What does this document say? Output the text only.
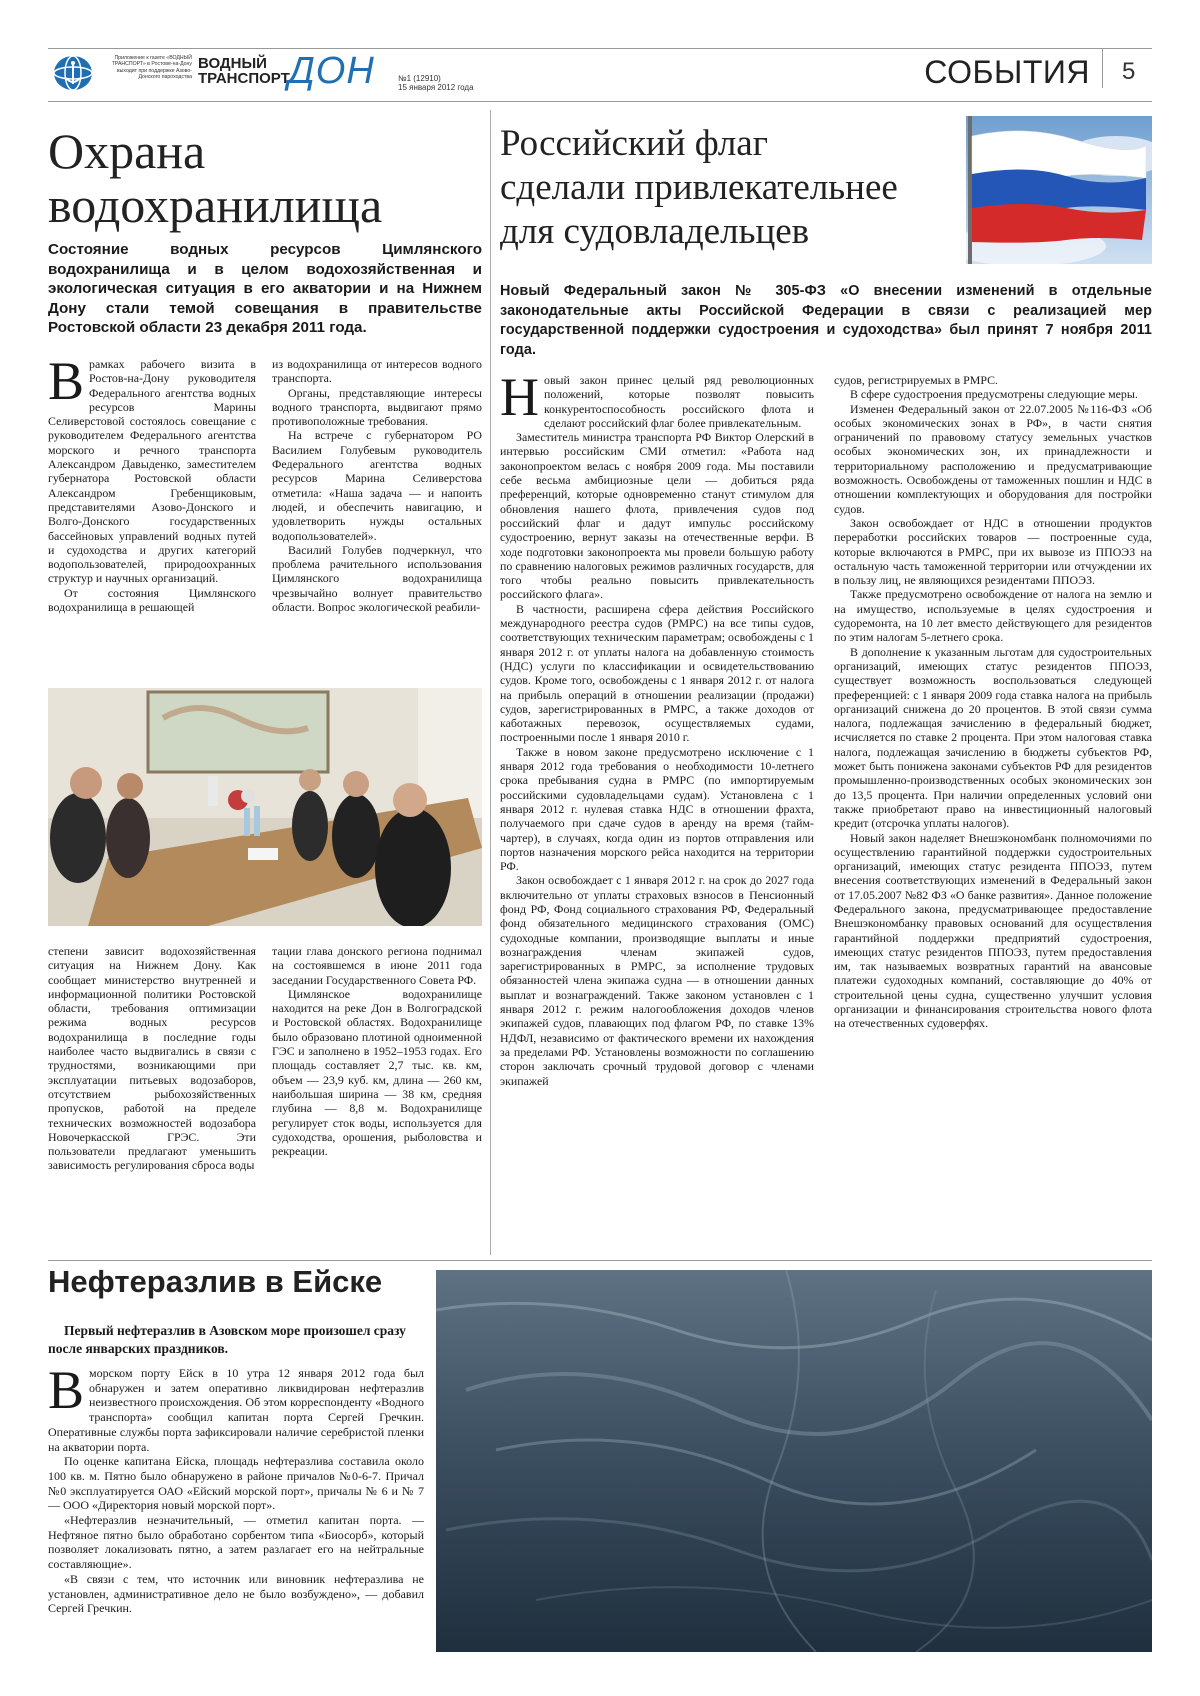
Приложение к газете «ВОДНЫЙ ТРАНСПОРТ» в Ростове-на-Дону выходит при поддержке Азово-Донского пароходства
ВОДНЫЙ
ТРАНСПОРТ
ДОН	№1 (12910)
15 января 2012 года	СОБЫТИЯ 5
Охрана
водохранилища
Состояние водных ресурсов Цимлянского водохранилища и в целом водохозяйственная и экологическая ситуация в его акватории и на Нижнем Дону стали темой совещания в правительстве Ростовской области 23 декабря 2011 года.

Врамках рабочего визита в Ростов-на-Дону руководителя Федерального агентства водных ресурсов Марины Селиверстовой состоялось совещание с руководителем Федерального агентства морского и речного транспорта Александром Давыденко, заместителем губернатора Ростовской области Александром Гребенщиковым, представителями Азово-Донского и Волго-Донского государственных бассейновых управлений водных путей и судоходства и других категорий водопользователей, природоохранных структур и научных организаций.

От состояния Цимлянского водохранилища в решающей

из водохранилища от интересов водного транспорта.

Органы, представляющие интересы водного транспорта, выдвигают прямо противоположные требования.

На встрече с губернатором РО Василием Голубевым руководитель Федерального агентства водных ресурсов Марина Селиверстова отметила: «Наша задача — и напоить людей, и обеспечить навигацию, и удовлетворить нужды остальных водопользователей».

Василий Голубев подчеркнул, что проблема рачительного использования Цимлянского водохранилища чрезвычайно волнует правительство области. Вопрос экологической реабили-

степени зависит водохозяйственная ситуация на Нижнем Дону. Как сообщает министерство внутренней и информационной политики Ростовской области, требования оптимизации режима водных ресурсов водохранилища в последние годы наиболее часто выдвигались в связи с трудностями, возникающими при эксплуатации питьевых водозаборов, отсутствием рыбохозяйственных пропусков, работой на пределе технических возможностей водозабора Новочеркасской ГРЭС. Эти пользователи предлагают уменьшить зависимость регулирования сброса воды

тации глава донского региона поднимал на состоявшемся в июне 2011 года заседании Государственного Совета РФ.

Цимлянское водохранилище находится на реке Дон в Волгоградской и Ростовской областях. Водохранилище было образовано плотиной одноименной ГЭС и заполнено в 1952–1953 годах. Его площадь составляет 2,7 тыс. кв. км, объем — 23,9 куб. км, длина — 260 км, наибольшая ширина — 38 км, средняя глубина — 8,8 м. Водохранилище регулирует сток воды, используется для судоходства, орошения, рыболовства и рекреации.

Российский флаг
сделали привлекательнее
для судовладельцев
Новый Федеральный закон № 305-ФЗ «О внесении изменений в отдельные законодательные акты Российской Федерации в связи с реализацией мер государственной поддержки судостроения и судоходства» был принят 7 ноября 2011 года.

Новый закон принес целый ряд революционных положений, которые позволят повысить конкурентоспособность российского флота и сделают российский флаг более привлекательным.

Заместитель министра транспорта РФ Виктор Олерский в интервью российским СМИ отметил: «Работа над законопроектом велась с ноября 2009 года. Мы поставили себе весьма амбициозные цели — добиться ряда преференций, которые одновременно станут стимулом для обновления нашего флота, привлечения судов под российский флаг и дадут импульс российскому судостроению, вернут заказы на отечественные верфи. В ходе подготовки законопроекта мы провели большую работу по сравнению налоговых режимов различных государств, для того чтобы реально повысить привлекательность российского флага».

В частности, расширена сфера действия Российского международного реестра судов (РМРС) на все типы судов, соответствующих техническим параметрам; освобождены с 1 января 2012 г. от уплаты налога на добавленную стоимость (НДС) услуги по классификации и освидетельствованию судов. Кроме того, освобождены с 1 января 2012 г. от налога на прибыль операций в отношении реализации (продажи) судов, зарегистрированных в РМРС, а также доходов от каботажных перевозок, осуществляемых судами, построенными после 1 января 2010 г.

Также в новом законе предусмотрено исключение с 1 января 2012 года требования о необходимости 10-летнего срока пребывания судна в РМРС (по импортируемым российскими судовладельцами судам). Установлена с 1 января 2012 г. нулевая ставка НДС в отношении фрахта, получаемого при сдаче судов в аренду на время (тайм-чартер), в случаях, когда один из портов отправления или портов назначения морского рейса находится на территории РФ.

Закон освобождает с 1 января 2012 г. на срок до 2027 года включительно от уплаты страховых взносов в Пенсионный фонд РФ, Фонд социального страхования РФ, Федеральный фонд обязательного медицинского страхования (ОМС) судоходные компании, производящие выплаты и иные вознаграждения членам экипажей судов, зарегистрированных в РМРС, за исполнение трудовых обязанностей члена экипажа судна — в отношении данных выплат и вознаграждений. Также законом установлен с 1 января 2012 г. режим налогообложения доходов членов экипажей судов, плавающих под флагом РФ, по ставке 13% НДФЛ, независимо от фактического времени их нахождения за пределами РФ. Установлены возможности по соглашению сторон заключать срочный трудовой договор с членами экипажей

судов, регистрируемых в РМРС.

В сфере судостроения предусмотрены следующие меры.

Изменен Федеральный закон от 22.07.2005 №116-ФЗ «Об особых экономических зонах в РФ», в части снятия ограничений по правовому статусу земельных участков особых экономических зон, их принадлежности и территориальному расположению и предусматривающие возможность. Освобождены от таможенных пошлин и НДС в отношении комплектующих и оборудования для постройки судов.

Закон освобождает от НДС в отношении продуктов переработки российских товаров — построенные суда, которые включаются в РМРС, при их вывозе из ППОЭЗ на остальную часть таможенной территории или отчуждении их в пользу лиц, не являющихся резидентами ППОЭЗ.

Также предусмотрено освобождение от налога на землю и на имущество, используемые в целях судостроения и судоремонта, на 10 лет вместо действующего для резидентов по этим налогам 5-летнего срока.

В дополнение к указанным льготам для судостроительных организаций, имеющих статус резидентов ППОЭЗ, существует возможность воспользоваться следующей преференцией: с 1 января 2009 года ставка налога на прибыль организаций снижена до 20 процентов. В этой связи сумма налога, подлежащая зачислению в федеральный бюджет, исчисляется по ставке 2 процента. При этом налоговая ставка налога, подлежащая зачислению в бюджеты субъектов РФ, может быть понижена законами субъектов РФ для резидентов промышленно-производственных особых экономических зон до 13,5 процента. При наличии определенных условий они также приобретают право на инвестиционный налоговый кредит (отсрочка уплаты налогов).

Новый закон наделяет Внешэкономбанк полномочиями по осуществлению гарантийной поддержки судостроительных организаций, имеющих статус резидента ППОЭЗ, путем внесения соответствующих изменений в Федеральный закон от 17.05.2007 №82 ФЗ «О банке развития». Данное положение Федерального закона, предусматривающее предоставление Внешэкономбанку правовых оснований для осуществления гарантийной поддержки предприятий судостроения, имеющих статус резидентов ППОЭЗ, путем предоставления им, так называемых возвратных гарантий на авансовые платежи судоходных компаний, составляющие до 40% от строительной цены судна, существенно улучшит условия организации и финансирования строительства нового флота на отечественных судоверфях.

Нефтеразлив в Ейске
Первый нефтеразлив в Азовском море произошел сразу после январских праздников.

Вморском порту Ейск в 10 утра 12 января 2012 года был обнаружен и затем оперативно ликвидирован нефтеразлив неизвестного происхождения. Об этом корреспонденту «Водного транспорта» сообщил капитан порта Сергей Гречкин. Оперативные службы порта зафиксировали наличие серебристой пленки на акватории порта.

По оценке капитана Ейска, площадь нефтеразлива составила около 100 кв. м. Пятно было обнаружено в районе причалов №0-6-7. Причал №0 эксплуатируется ОАО «Ейский морской порт», причалы № 6 и № 7 — ООО «Директория новый морской порт».

«Нефтеразлив незначительный, — отметил капитан порта. — Нефтяное пятно было обработано сорбентом типа «Биосорб», который позволяет локализовать пятно, а затем разлагает его на нейтральные составляющие».

«В связи с тем, что источник или виновник нефтеразлива не установлен, административное дело не было возбуждено», — добавил Сергей Гречкин.
